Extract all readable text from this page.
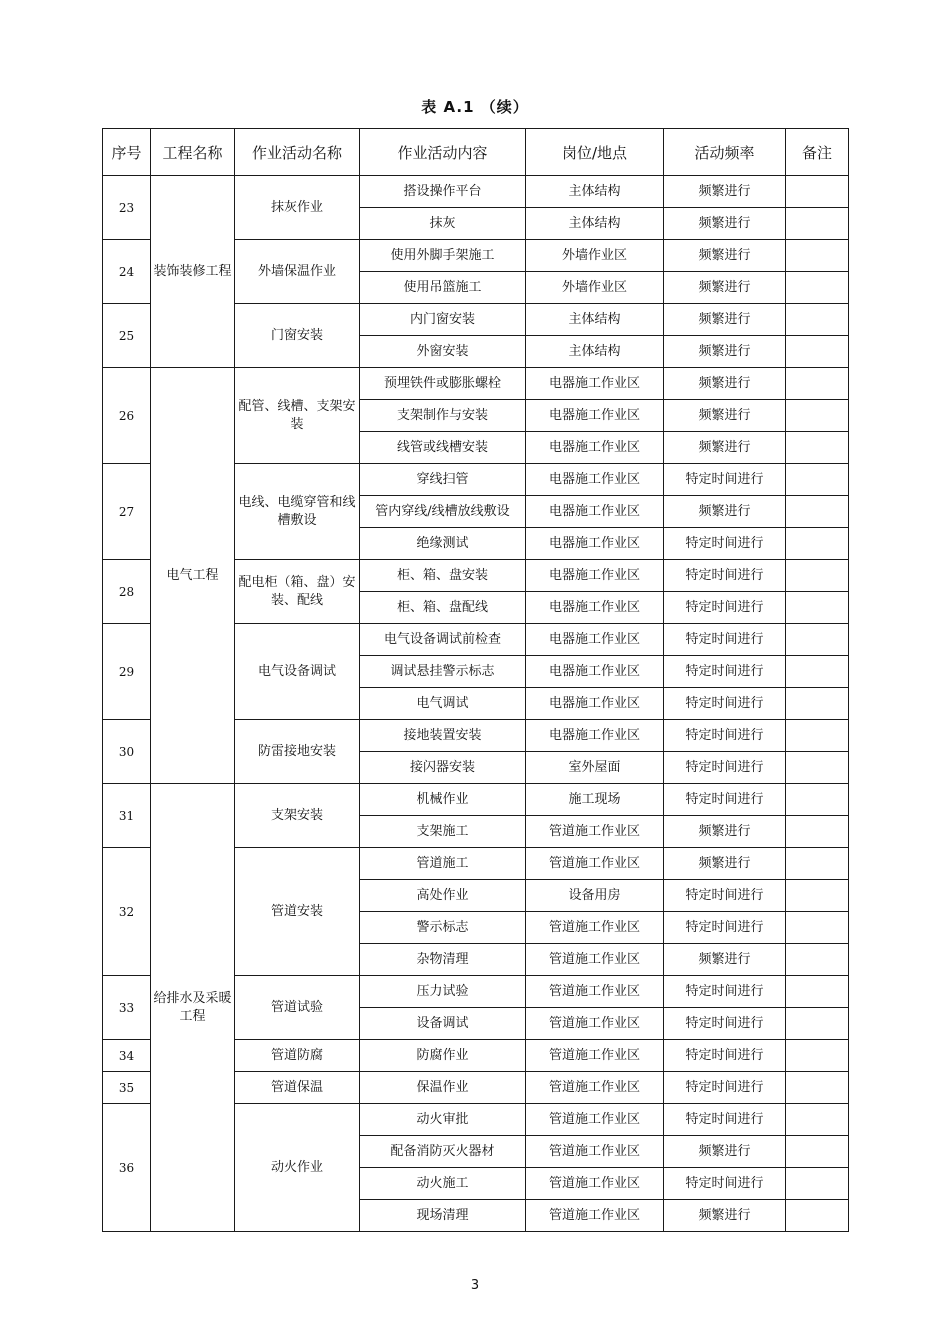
表 A.1 （续）
序号	工程名称	作业活动名称	作业活动内容	岗位/地点	活动频率	备注
23	装饰装修工程	抹灰作业	搭设操作平台	主体结构	频繁进行	
			抹灰	主体结构	频繁进行	
24		外墙保温作业	使用外脚手架施工	外墙作业区	频繁进行	
			使用吊篮施工	外墙作业区	频繁进行	
25		门窗安装	内门窗安装	主体结构	频繁进行	
			外窗安装	主体结构	频繁进行	
26	电气工程	配管、线槽、支架安装	预埋铁件或膨胀螺栓	电器施工作业区	频繁进行	
			支架制作与安装	电器施工作业区	频繁进行	
			线管或线槽安装	电器施工作业区	频繁进行	
27		电线、电缆穿管和线槽敷设	穿线扫管	电器施工作业区	特定时间进行	
			管内穿线/线槽放线敷设	电器施工作业区	频繁进行	
			绝缘测试	电器施工作业区	特定时间进行	
28		配电柜（箱、盘）安装、配线	柜、箱、盘安装	电器施工作业区	特定时间进行	
			柜、箱、盘配线	电器施工作业区	特定时间进行	
29		电气设备调试	电气设备调试前检查	电器施工作业区	特定时间进行	
			调试悬挂警示标志	电器施工作业区	特定时间进行	
			电气调试	电器施工作业区	特定时间进行	
30		防雷接地安装	接地装置安装	电器施工作业区	特定时间进行	
			接闪器安装	室外屋面	特定时间进行	
31	给排水及采暖工程	支架安装	机械作业	施工现场	特定时间进行	
			支架施工	管道施工作业区	频繁进行	
32		管道安装	管道施工	管道施工作业区	频繁进行	
			高处作业	设备用房	特定时间进行	
			警示标志	管道施工作业区	特定时间进行	
			杂物清理	管道施工作业区	频繁进行	
33		管道试验	压力试验	管道施工作业区	特定时间进行	
			设备调试	管道施工作业区	特定时间进行	
34		管道防腐	防腐作业	管道施工作业区	特定时间进行	
35		管道保温	保温作业	管道施工作业区	特定时间进行	
36		动火作业	动火审批	管道施工作业区	特定时间进行	
			配备消防灭火器材	管道施工作业区	频繁进行	
			动火施工	管道施工作业区	特定时间进行	
			现场清理	管道施工作业区	频繁进行	
3
